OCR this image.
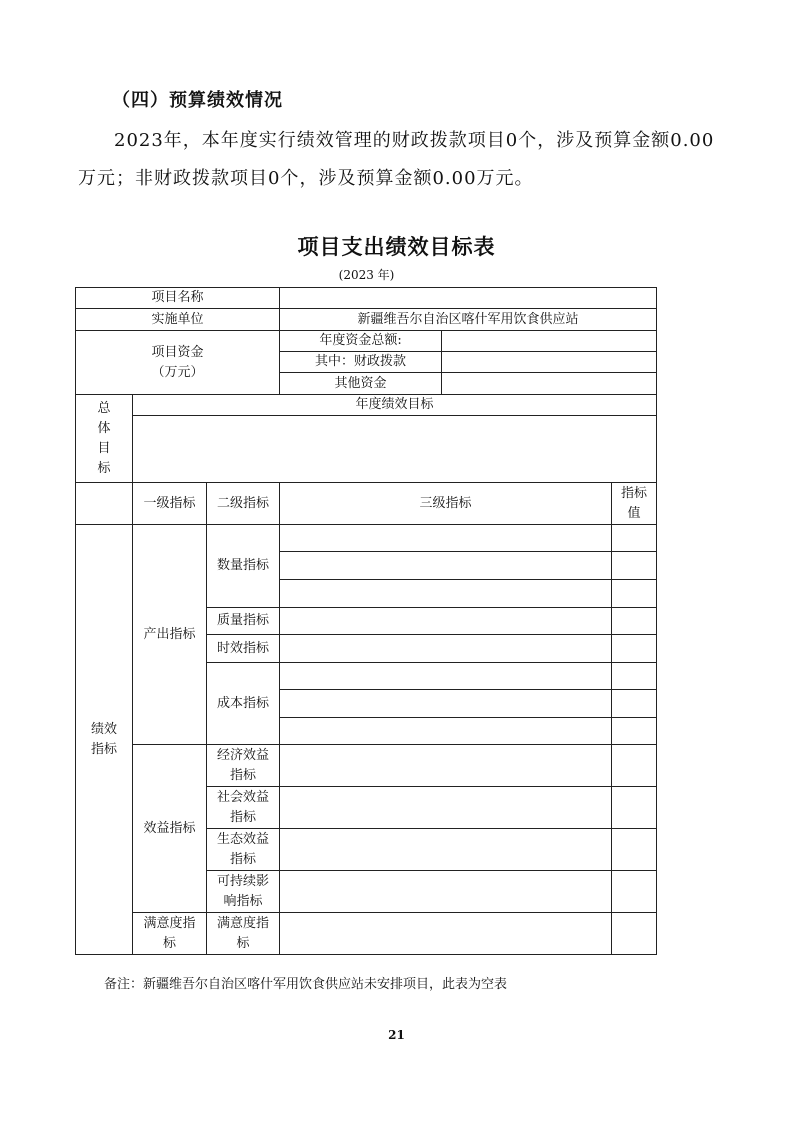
（四）预算绩效情况
2023年，本年度实行绩效管理的财政拨款项目0个，涉及预算金额0.00万元；非财政拨款项目0个，涉及预算金额0.00万元。
项目支出绩效目标表
(2023 年)
项目名称					
实施单位			新疆维吾尔自治区喀什军用饮食供应站		

项目资金
（万元）			年度资金总额:		
			其中：财政拨款		
			其他资金		
总体目标	年度绩效目标				

	一级指标	二级指标	三级指标		指标值
绩效指标	产出指标	数量指标			

		质量指标			
		时效指标			
		成本指标			

	效益指标	经济效益指标			
		社会效益指标			
		生态效益指标			
		可持续影响指标			
	满意度指标	满意度指标			
备注：新疆维吾尔自治区喀什军用饮食供应站未安排项目，此表为空表
21
